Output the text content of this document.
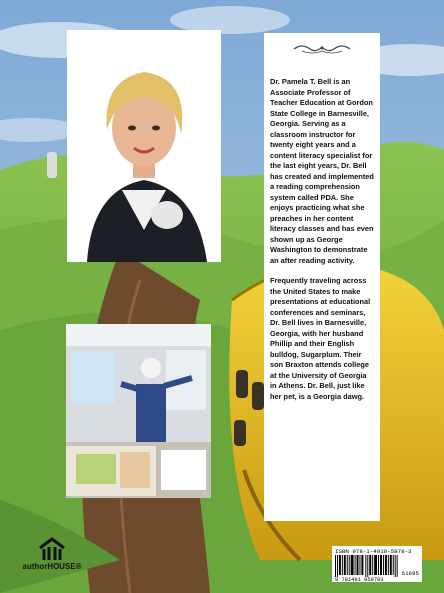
Dr. Pamela T. Bell is an Associate Professor of Teacher Education at Gordon State College in Barnesville, Georgia. Serving as a classroom instructor for twenty eight years and a content literacy specialist for the last eight years, Dr. Bell has created and implemented a reading comprehension system called PDA. She enjoys practicing what she preaches in her content literacy classes and has even shown up as George Washington to demonstrate an after reading activity.

Frequently traveling across the United States to make presentations at educational conferences and seminars, Dr. Bell lives in Barnesville, Georgia, with her husband Phillip and their English bulldog, Sugarplum. Their son Braxton attends college at the University of Georgia in Athens. Dr. Bell, just like her pet, is a Georgia dawg.

authorHOUSE®
ISBN 978-1-4918-5878-3
51695
9 781491 858783
